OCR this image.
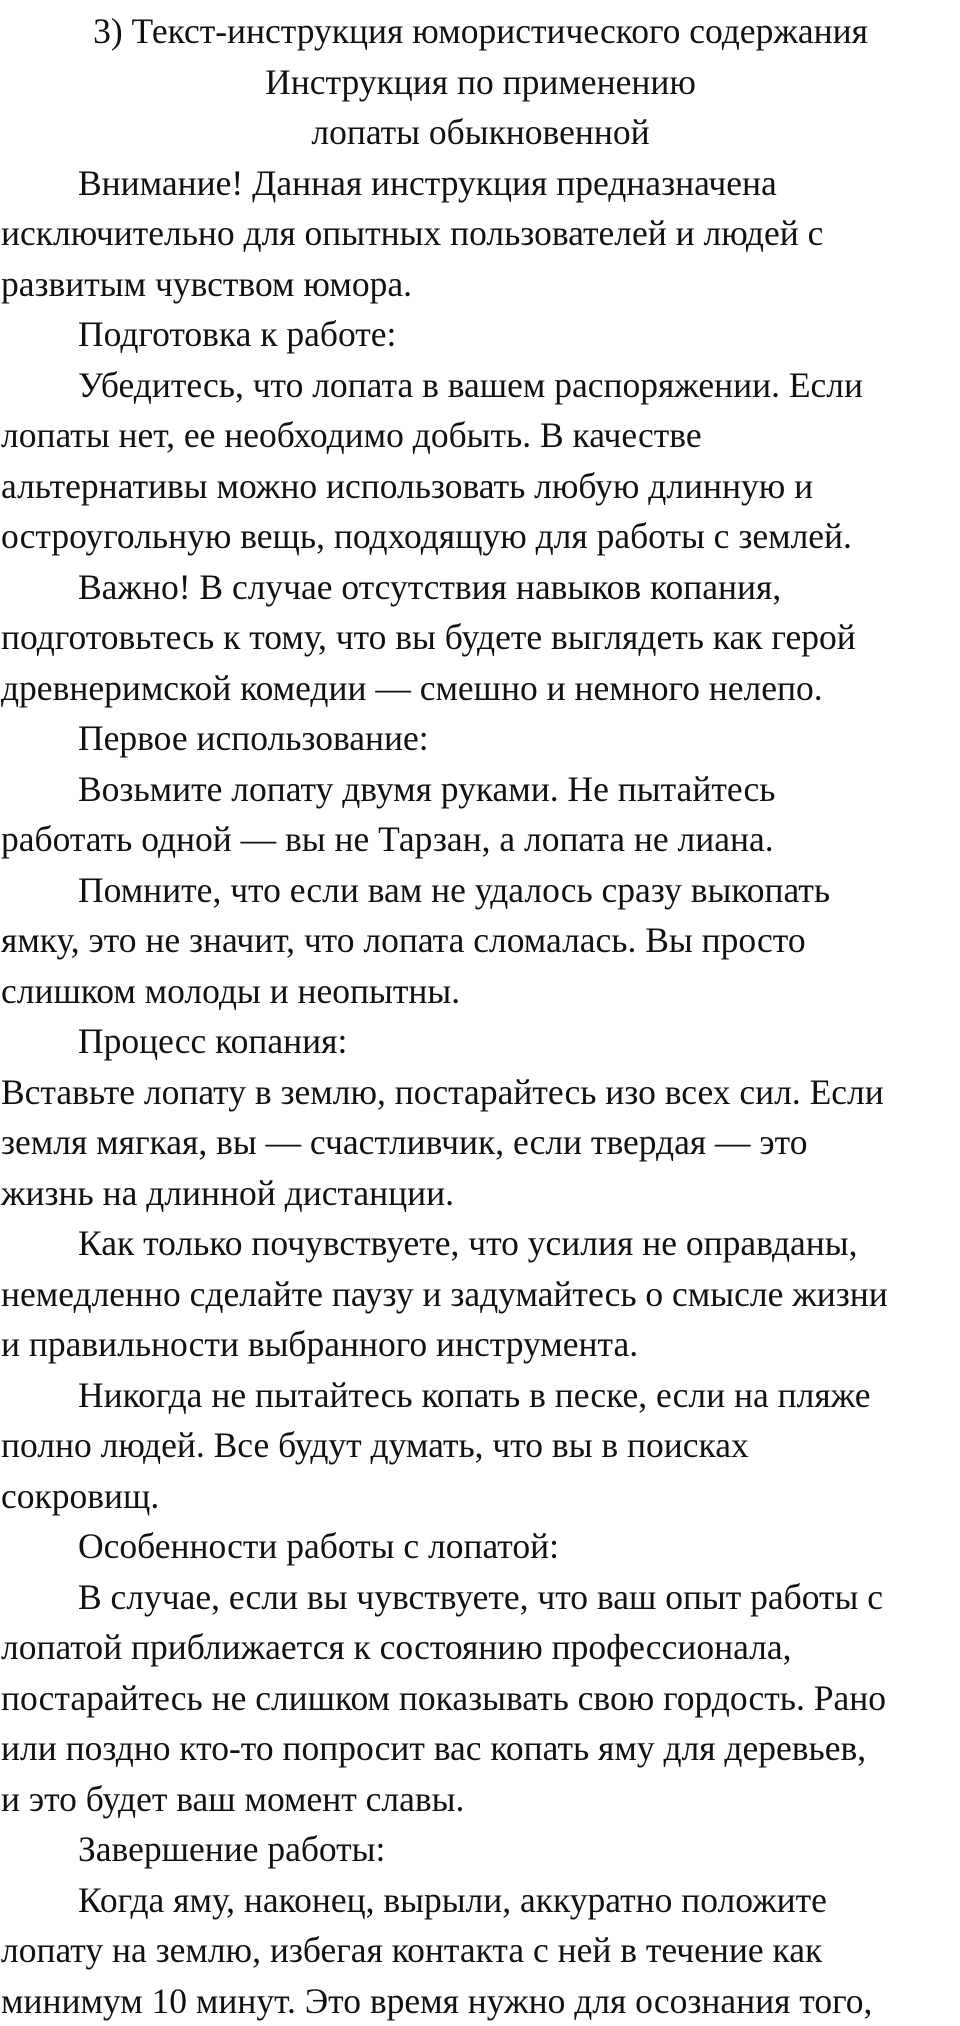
3) Текст-инструкция юмористического содержания

Инструкция по применению

лопаты обыкновенной

Внимание! Данная инструкция предназначена

исключительно для опытных пользователей и людей с

развитым чувством юмора.

Подготовка к работе:

Убедитесь, что лопата в вашем распоряжении. Если

лопаты нет, ее необходимо добыть. В качестве

альтернативы можно использовать любую длинную и

остроугольную вещь, подходящую для работы с землей.

Важно! В случае отсутствия навыков копания,

подготовьтесь к тому, что вы будете выглядеть как герой

древнеримской комедии — смешно и немного нелепо.

Первое использование:

Возьмите лопату двумя руками. Не пытайтесь

работать одной — вы не Тарзан, а лопата не лиана.

Помните, что если вам не удалось сразу выкопать

ямку, это не значит, что лопата сломалась. Вы просто

слишком молоды и неопытны.

Процесс копания:

Вставьте лопату в землю, постарайтесь изо всех сил. Если

земля мягкая, вы — счастливчик, если твердая — это

жизнь на длинной дистанции.

Как только почувствуете, что усилия не оправданы,

немедленно сделайте паузу и задумайтесь о смысле жизни

и правильности выбранного инструмента.

Никогда не пытайтесь копать в песке, если на пляже

полно людей. Все будут думать, что вы в поисках

сокровищ.

Особенности работы с лопатой:

В случае, если вы чувствуете, что ваш опыт работы с

лопатой приближается к состоянию профессионала,

постарайтесь не слишком показывать свою гордость. Рано

или поздно кто-то попросит вас копать яму для деревьев,

и это будет ваш момент славы.

Завершение работы:

Когда яму, наконец, вырыли, аккуратно положите

лопату на землю, избегая контакта с ней в течение как

минимум 10 минут. Это время нужно для осознания того,
